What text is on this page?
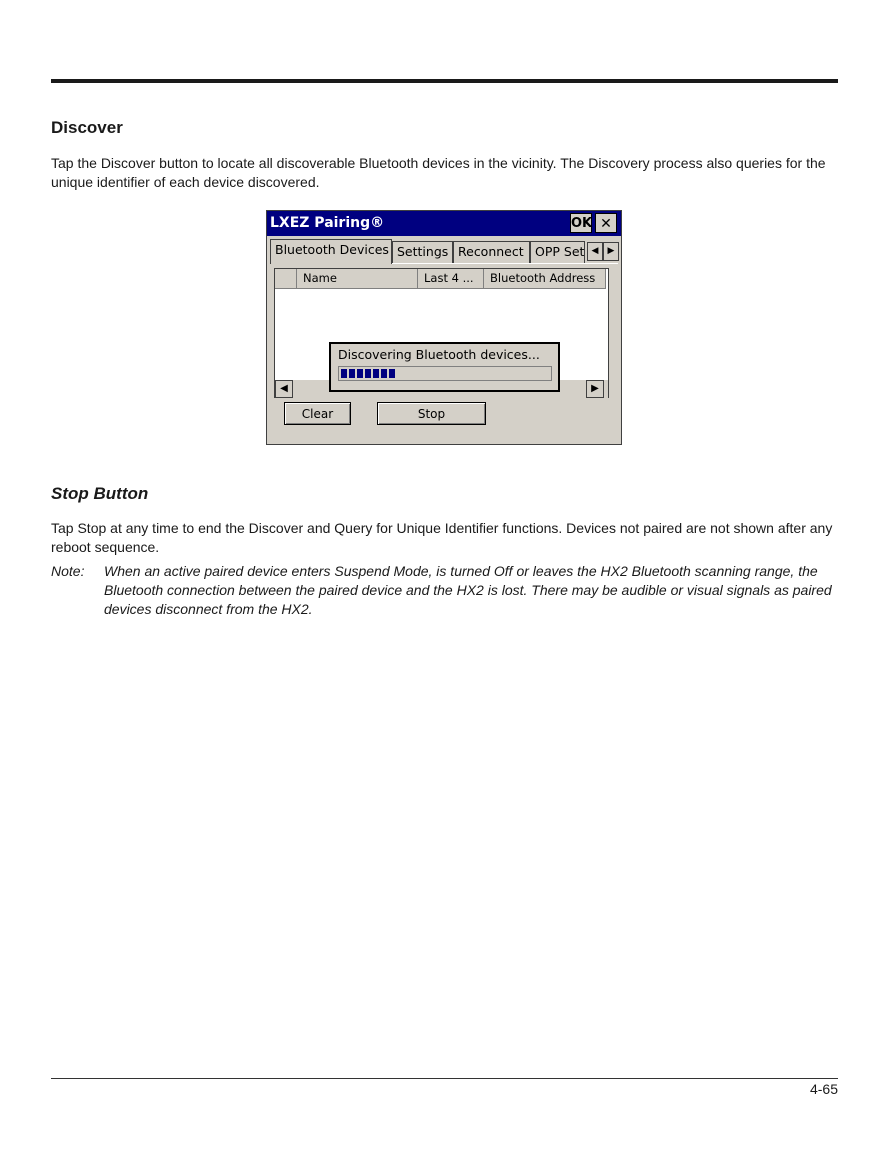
Discover

Tap the Discover button to locate all discoverable Bluetooth devices in the vicinity. The Discovery process also queries for the unique identifier of each device discovered.

LXEZ Pairing®	OK ✕
Bluetooth Devices Settings Reconnect OPP Set ◀	▶
Name	Last 4 ...	Bluetooth Address
◀	▶
Clear	Stop
Discovering Bluetooth devices...
Stop Button

Tap Stop at any time to end the Discover and Query for Unique Identifier functions. Devices not paired are not shown after any reboot sequence.

Note:	When an active paired device enters Suspend Mode, is turned Off or leaves the HX2 Bluetooth scanning range, the Bluetooth connection between the paired device and the HX2 is lost. There may be audible or visual signals as paired devices disconnect from the HX2.
4-65
